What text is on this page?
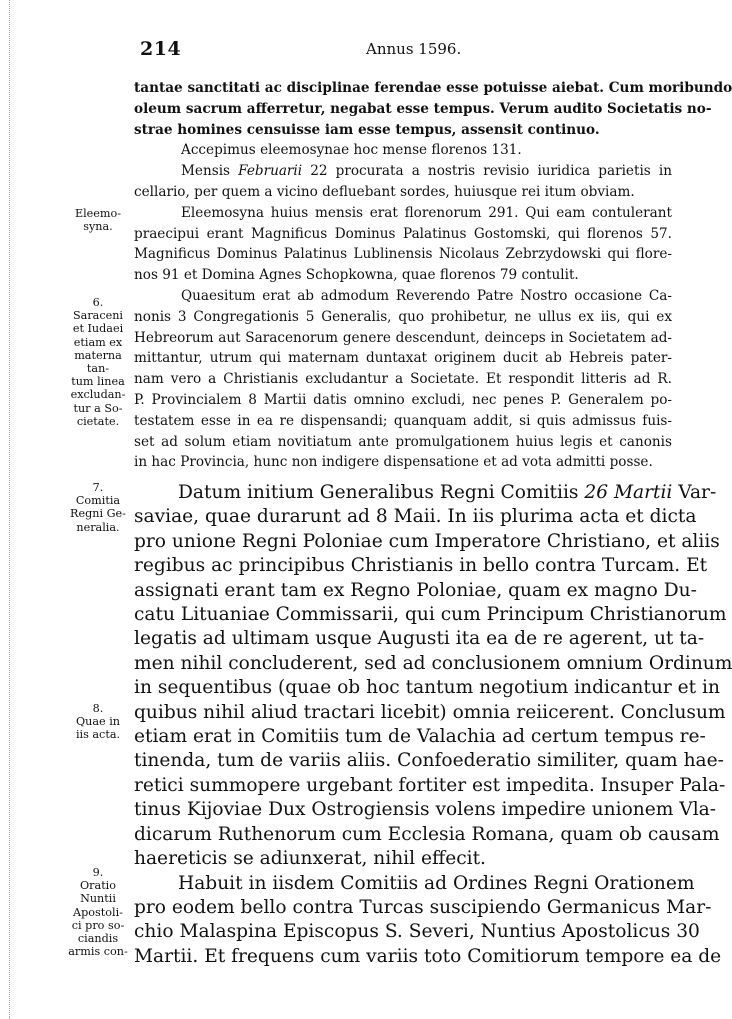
214	Annus 1596.
Eleemo-
syna.
6.
Saraceni
et Iudaei
etiam ex
materna
tan-
tum linea
excludan-
tur a So-
cietate.
7.
Comitia
Regni Ge-
neralia.
8.
Quae in
iis acta.
9.
Oratio
Nuntii
Apostoli-
ci pro so-
ciandis
armis con-
tantae sanctitati ac disciplinae ferendae esse potuisse aiebat. Cum moribundo
oleum sacrum afferretur, negabat esse tempus. Verum audito Societatis no-
strae homines censuisse iam esse tempus, assensit continuo.
Accepimus eleemosynae hoc mense florenos 131.
Mensis Februarii 22 procurata a nostris revisio iuridica parietis in
cellario, per quem a vicino defluebant sordes, huiusque rei itum obviam.
Eleemosyna huius mensis erat florenorum 291. Qui eam contulerant
praecipui erant Magnificus Dominus Palatinus Gostomski, qui florenos 57.
Magnificus Dominus Palatinus Lublinensis Nicolaus Zebrzydowski qui flore-
nos 91 et Domina Agnes Schopkowna, quae florenos 79 contulit.
Quaesitum erat ab admodum Reverendo Patre Nostro occasione Ca-
nonis 3 Congregationis 5 Generalis, quo prohibetur, ne ullus ex iis, qui ex
Hebreorum aut Saracenorum genere descendunt, deinceps in Societatem ad-
mittantur, utrum qui maternam duntaxat originem ducit ab Hebreis pater-
nam vero a Christianis excludantur a Societate. Et respondit litteris ad R.
P. Provincialem 8 Martii datis omnino excludi, nec penes P. Generalem po-
testatem esse in ea re dispensandi; quanquam addit, si quis admissus fuis-
set ad solum etiam novitiatum ante promulgationem huius legis et canonis
in hac Provincia, hunc non indigere dispensatione et ad vota admitti posse.
Datum initium Generalibus Regni Comitiis 26 Martii Var-
saviae, quae durarunt ad 8 Maii. In iis plurima acta et dicta
pro unione Regni Poloniae cum Imperatore Christiano, et aliis
regibus ac principibus Christianis in bello contra Turcam. Et
assignati erant tam ex Regno Poloniae, quam ex magno Du-
catu Lituaniae Commissarii, qui cum Principum Christianorum
legatis ad ultimam usque Augusti ita ea de re agerent, ut ta-
men nihil concluderent, sed ad conclusionem omnium Ordinum
in sequentibus (quae ob hoc tantum negotium indicantur et in
quibus nihil aliud tractari licebit) omnia reiicerent. Conclusum
etiam erat in Comitiis tum de Valachia ad certum tempus re-
tinenda, tum de variis aliis. Confoederatio similiter, quam hae-
retici summopere urgebant fortiter est impedita. Insuper Pala-
tinus Kijoviae Dux Ostrogiensis volens impedire unionem Vla-
dicarum Ruthenorum cum Ecclesia Romana, quam ob causam
haereticis se adiunxerat, nihil effecit.
Habuit in iisdem Comitiis ad Ordines Regni Orationem
pro eodem bello contra Turcas suscipiendo Germanicus Mar-
chio Malaspina Episcopus S. Severi, Nuntius Apostolicus 30
Martii. Et frequens cum variis toto Comitiorum tempore ea de
